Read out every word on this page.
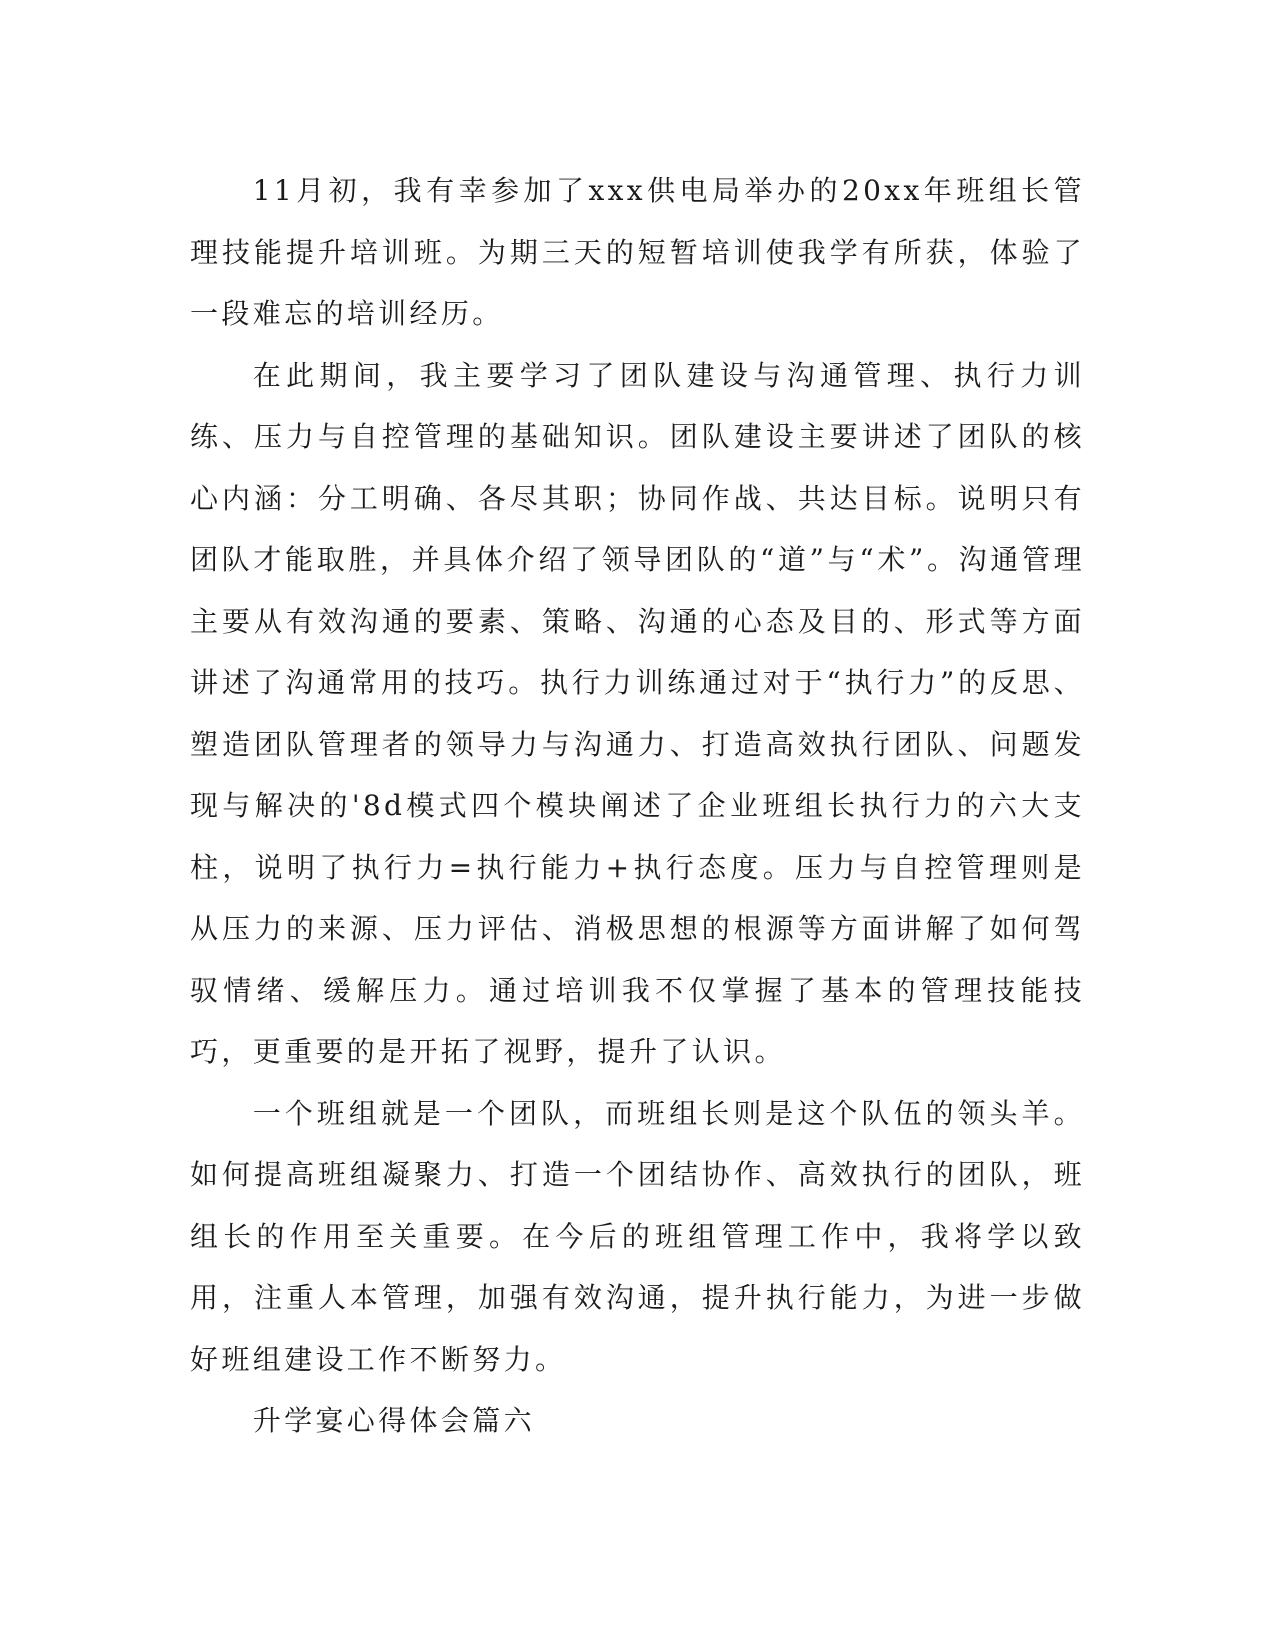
11月初，我有幸参加了xxx供电局举办的20xx年班组长管理技能提升培训班。为期三天的短暂培训使我学有所获，体验了一段难忘的培训经历。

在此期间，我主要学习了团队建设与沟通管理、执行力训练、压力与自控管理的基础知识。团队建设主要讲述了团队的核心内涵：分工明确、各尽其职；协同作战、共达目标。说明只有团队才能取胜，并具体介绍了领导团队的“道”与“术”。沟通管理主要从有效沟通的要素、策略、沟通的心态及目的、形式等方面讲述了沟通常用的技巧。执行力训练通过对于“执行力”的反思、塑造团队管理者的领导力与沟通力、打造高效执行团队、问题发现与解决的'8d模式四个模块阐述了企业班组长执行力的六大支柱，说明了执行力=执行能力+执行态度。压力与自控管理则是从压力的来源、压力评估、消极思想的根源等方面讲解了如何驾驭情绪、缓解压力。通过培训我不仅掌握了基本的管理技能技巧，更重要的是开拓了视野，提升了认识。

一个班组就是一个团队，而班组长则是这个队伍的领头羊。如何提高班组凝聚力、打造一个团结协作、高效执行的团队，班组长的作用至关重要。在今后的班组管理工作中，我将学以致用，注重人本管理，加强有效沟通，提升执行能力，为进一步做好班组建设工作不断努力。

升学宴心得体会篇六
